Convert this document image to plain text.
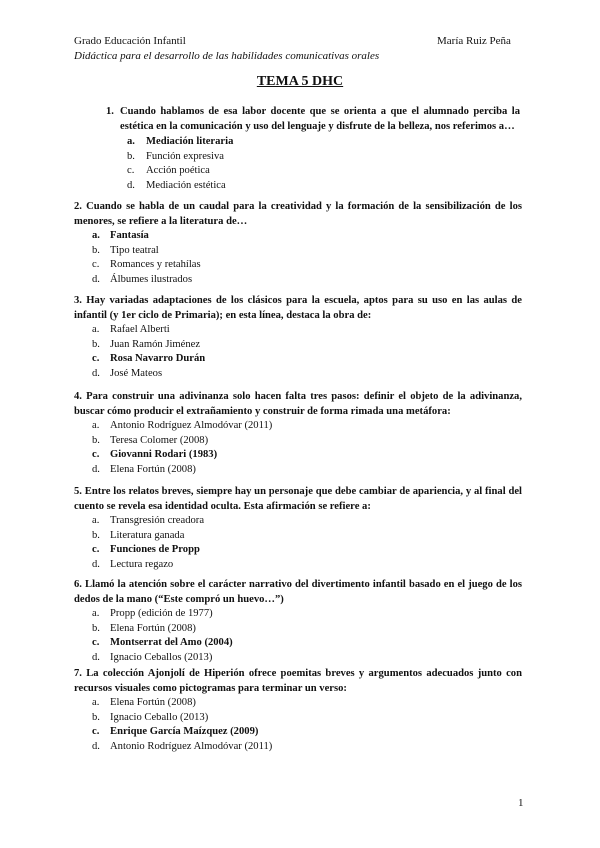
Grado Educación Infantil	María Ruiz Peña
Didáctica para el desarrollo de las habilidades comunicativas orales
TEMA 5 DHC
1. Cuando hablamos de esa labor docente que se orienta a que el alumnado perciba la estética en la comunicación y uso del lenguaje y disfrute de la belleza, nos referimos a…
a.	Mediación literaria
b.	Función expresiva
c.	Acción poética
d.	Mediación estética
2. Cuando se habla de un caudal para la creatividad y la formación de la sensibilización de los menores, se refiere a la literatura de…
a. Fantasía
b. Tipo teatral
c.	Romances y retahílas
d. Álbumes ilustrados
3. Hay variadas adaptaciones de los clásicos para la escuela, aptos para su uso en las aulas de infantil (y 1er ciclo de Primaria); en esta línea, destaca la obra de:
a.	Rafael Alberti
b. Juan Ramón Jiménez
c.	Rosa Navarro Durán
d. José Mateos
4. Para construir una adivinanza solo hacen falta tres pasos: definir el objeto de la adivinanza, buscar cómo producir el extrañamiento y construir de forma rimada una metáfora:
a.	Antonio Rodríguez Almodóvar (2011)
b. Teresa Colomer (2008)
c.	Giovanni Rodari (1983)
d. Elena Fortún (2008)
5. Entre los relatos breves, siempre hay un personaje que debe cambiar de apariencia, y al final del cuento se revela esa identidad oculta. Esta afirmación se refiere a:
a.	Transgresión creadora
b. Literatura ganada
c.	Funciones de Propp
d. Lectura regazo
6. Llamó la atención sobre el carácter narrativo del divertimento infantil basado en el juego de los dedos de la mano (“Este compró un huevo…”)
a.	Propp (edición de 1977)
b. Elena Fortún (2008)
c.	Montserrat del Amo (2004)
d. Ignacio Ceballos (2013)
7. La colección Ajonjolí de Hiperión ofrece poemitas breves y argumentos adecuados junto con recursos visuales como pictogramas para terminar un verso:
a.	Elena Fortún (2008)
b. Ignacio Ceballo (2013)
c.	Enrique García Maízquez (2009)
d. Antonio Rodríguez Almodóvar (2011)
1
